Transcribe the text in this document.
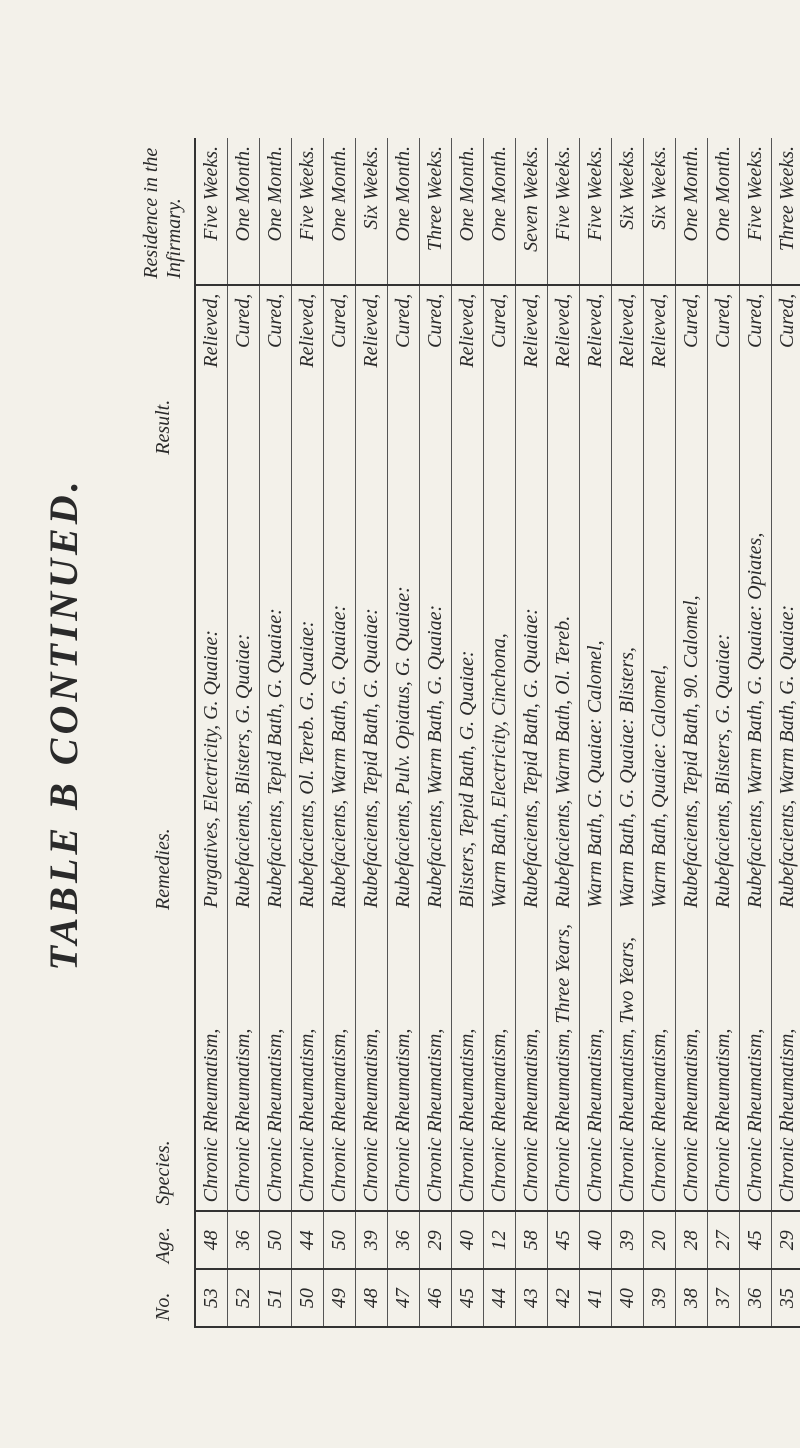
TABLE B CONTINUED.
No.	Age.	Species.	Remedies.	Result.	Residence in the Infirmary.
53	48	Chronic Rheumatism,	Purgatives, Electricity, G. Quaiae:	Relieved,	Five Weeks.
52	36	Chronic Rheumatism,	Rubefacients, Blisters, G. Quaiae:	Cured,	One Month.
51	50	Chronic Rheumatism,	Rubefacients, Tepid Bath, G. Quaiae:	Cured,	One Month.
50	44	Chronic Rheumatism,	Rubefacients, Ol. Tereb. G. Quaiae:	Relieved,	Five Weeks.
49	50	Chronic Rheumatism,	Rubefacients, Warm Bath, G. Quaiae:	Cured,	One Month.
48	39	Chronic Rheumatism,	Rubefacients, Tepid Bath, G. Quaiae:	Relieved,	Six Weeks.
47	36	Chronic Rheumatism,	Rubefacients, Pulv. Opiatus, G. Quaiae:	Cured,	One Month.
46	29	Chronic Rheumatism,	Rubefacients, Warm Bath, G. Quaiae:	Cured,	Three Weeks.
45	40	Chronic Rheumatism,	Blisters, Tepid Bath, G. Quaiae:	Relieved,	One Month.
44	12	Chronic Rheumatism,	Warm Bath, Electricity, Cinchona,	Cured,	One Month.
43	58	Chronic Rheumatism,	Rubefacients, Tepid Bath, G. Quaiae:	Relieved,	Seven Weeks.
42	45	Chronic Rheumatism, Three Years,	Rubefacients, Warm Bath, Ol. Tereb.	Relieved,	Five Weeks.
41	40	Chronic Rheumatism,	Warm Bath, G. Quaiae: Calomel,	Relieved,	Five Weeks.
40	39	Chronic Rheumatism, Two Years,	Warm Bath, G. Quaiae: Blisters,	Relieved,	Six Weeks.
39	20	Chronic Rheumatism,	Warm Bath, Quaiae: Calomel,	Relieved,	Six Weeks.
38	28	Chronic Rheumatism,	Rubefacients, Tepid Bath, 90. Calomel,	Cured,	One Month.
37	27	Chronic Rheumatism,	Rubefacients, Blisters, G. Quaiae:	Cured,	One Month.
36	45	Chronic Rheumatism,	Rubefacients, Warm Bath, G. Quaiae: Opiates,	Cured,	Five Weeks.
35	29	Chronic Rheumatism,	Rubefacients, Warm Bath, G. Quaiae:	Cured,	Three Weeks.
